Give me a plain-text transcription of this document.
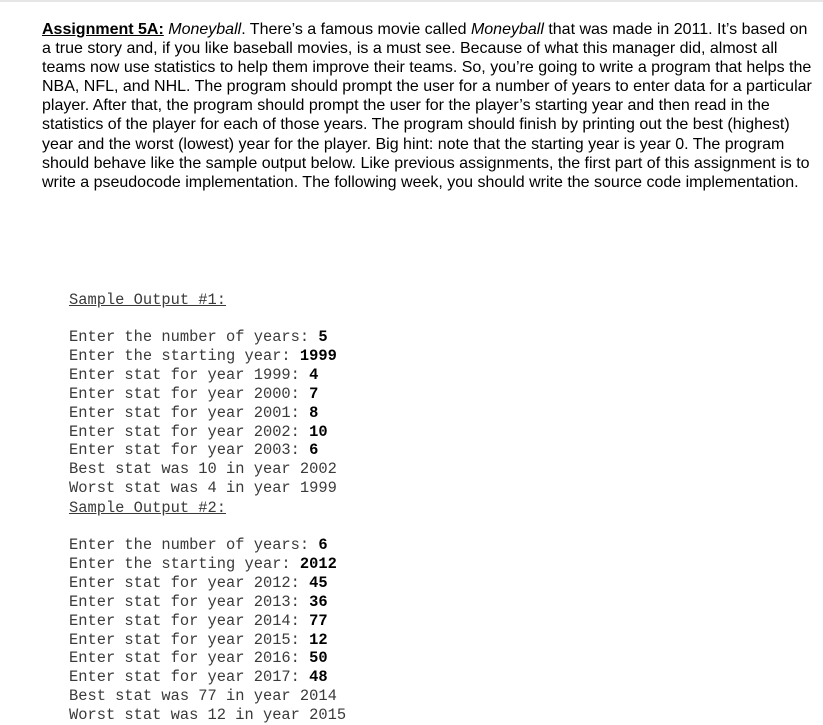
Assignment 5A: Moneyball. There’s a famous movie called Moneyball that was made in 2011. It’s based on a true story and, if you like baseball movies, is a must see. Because of what this manager did, almost all teams now use statistics to help them improve their teams. So, you’re going to write a program that helps the NBA, NFL, and NHL. The program should prompt the user for a number of years to enter data for a particular player. After that, the program should prompt the user for the player’s starting year and then read in the statistics of the player for each of those years. The program should finish by printing out the best (highest) year and the worst (lowest) year for the player. Big hint: note that the starting year is year 0. The program should behave like the sample output below. Like previous assignments, the first part of this assignment is to write a pseudocode implementation. The following week, you should write the source code implementation.

Sample Output #1:

Enter the number of years: 5
Enter the starting year: 1999
Enter stat for year 1999: 4
Enter stat for year 2000: 7
Enter stat for year 2001: 8
Enter stat for year 2002: 10
Enter stat for year 2003: 6
Best stat was 10 in year 2002
Worst stat was 4 in year 1999

Sample Output #2:

Enter the number of years: 6
Enter the starting year: 2012
Enter stat for year 2012: 45
Enter stat for year 2013: 36
Enter stat for year 2014: 77
Enter stat for year 2015: 12
Enter stat for year 2016: 50
Enter stat for year 2017: 48
Best stat was 77 in year 2014
Worst stat was 12 in year 2015
